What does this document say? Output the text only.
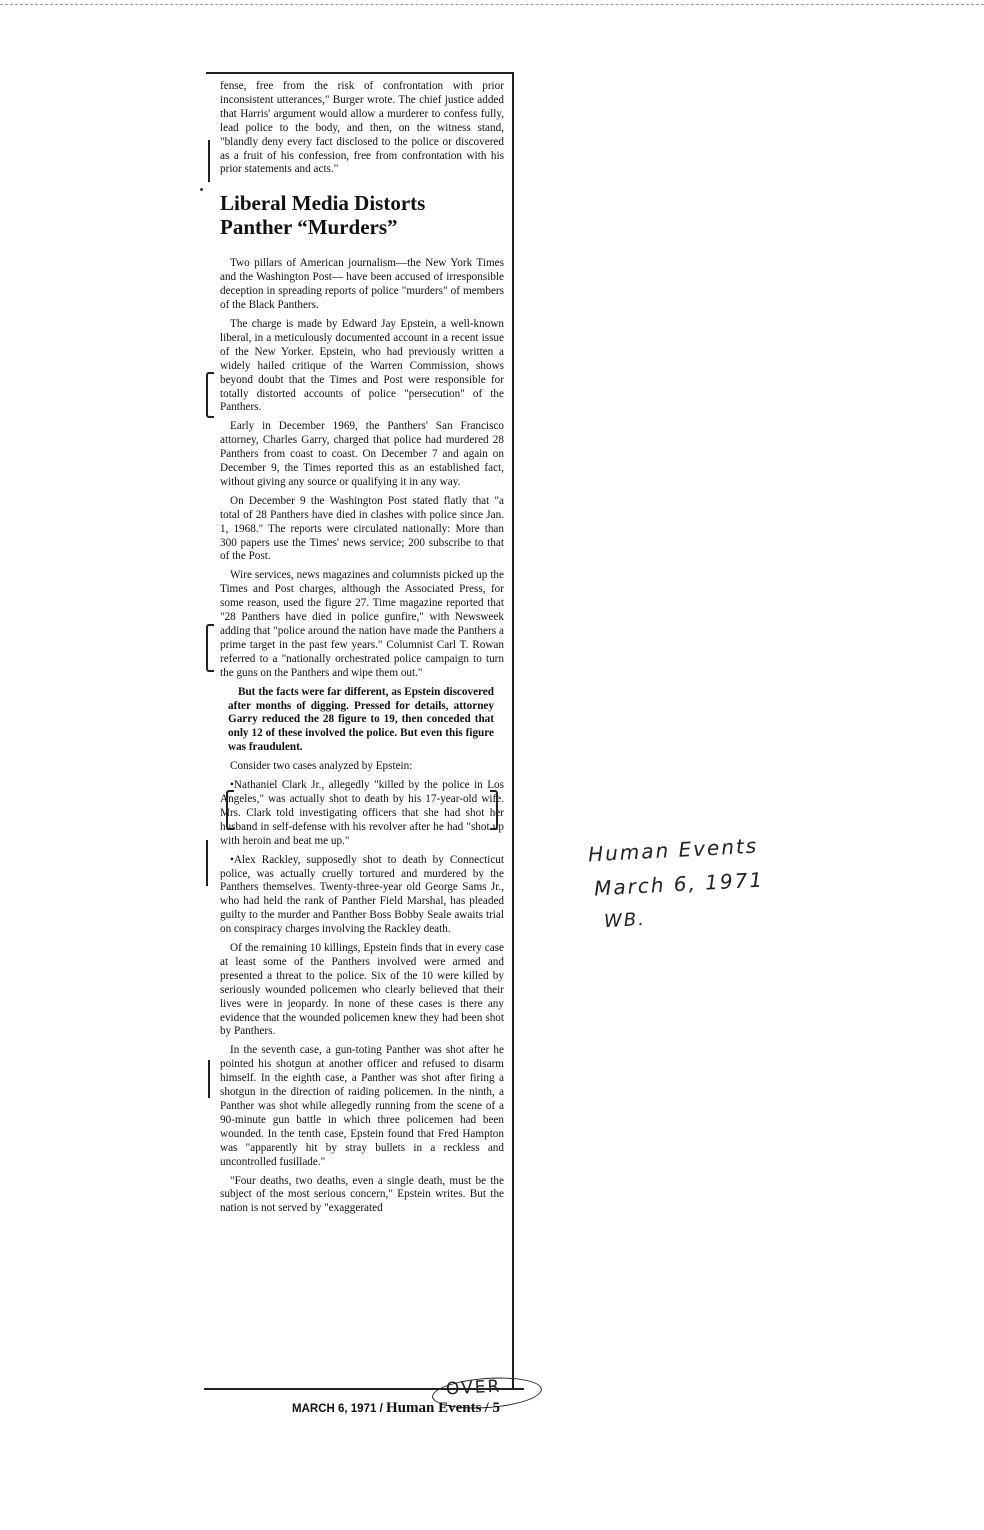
fense, free from the risk of confrontation with prior inconsistent utterances," Burger wrote. The chief justice added that Harris' argument would allow a murderer to confess fully, lead police to the body, and then, on the witness stand, "blandly deny every fact disclosed to the police or discovered as a fruit of his confession, free from confrontation with his prior statements and acts."

Liberal Media Distorts
Panther “Murders”

Two pillars of American journalism—the New York Times and the Washington Post— have been accused of irresponsible deception in spreading reports of police "murders" of members of the Black Panthers.

The charge is made by Edward Jay Epstein, a well-known liberal, in a meticulously documented account in a recent issue of the New Yorker. Epstein, who had previously written a widely hailed critique of the Warren Commission, shows beyond doubt that the Times and Post were responsible for totally distorted accounts of police "persecution" of the Panthers.

Early in December 1969, the Panthers' San Francisco attorney, Charles Garry, charged that police had murdered 28 Panthers from coast to coast. On December 7 and again on December 9, the Times reported this as an established fact, without giving any source or qualifying it in any way.

On December 9 the Washington Post stated flatly that "a total of 28 Panthers have died in clashes with police since Jan. 1, 1968." The reports were circulated nationally: More than 300 papers use the Times' news service; 200 subscribe to that of the Post.

Wire services, news magazines and columnists picked up the Times and Post charges, although the Associated Press, for some reason, used the figure 27. Time magazine reported that "28 Panthers have died in police gunfire," with Newsweek adding that "police around the nation have made the Panthers a prime target in the past few years." Columnist Carl T. Rowan referred to a "nationally orchestrated police campaign to turn the guns on the Panthers and wipe them out."

But the facts were far different, as Epstein discovered after months of digging. Pressed for details, attorney Garry reduced the 28 figure to 19, then conceded that only 12 of these involved the police. But even this figure was fraudulent.

Consider two cases analyzed by Epstein:

•Nathaniel Clark Jr., allegedly "killed by the police in Los Angeles," was actually shot to death by his 17-year-old wife. Mrs. Clark told investigating officers that she had shot her husband in self-defense with his revolver after he had "shot up with heroin and beat me up."

•Alex Rackley, supposedly shot to death by Connecticut police, was actually cruelly tortured and murdered by the Panthers themselves. Twenty-three-year old George Sams Jr., who had held the rank of Panther Field Marshal, has pleaded guilty to the murder and Panther Boss Bobby Seale awaits trial on conspiracy charges involving the Rackley death.

Of the remaining 10 killings, Epstein finds that in every case at least some of the Panthers involved were armed and presented a threat to the police. Six of the 10 were killed by seriously wounded policemen who clearly believed that their lives were in jeopardy. In none of these cases is there any evidence that the wounded policemen knew they had been shot by Panthers.

In the seventh case, a gun-toting Panther was shot after he pointed his shotgun at another officer and refused to disarm himself. In the eighth case, a Panther was shot after firing a shotgun in the direction of raiding policemen. In the ninth, a Panther was shot while allegedly running from the scene of a 90-minute gun battle in which three policemen had been wounded. In the tenth case, Epstein found that Fred Hampton was "apparently hit by stray bullets in a reckless and uncontrolled fusillade."

"Four deaths, two deaths, even a single death, must be the subject of the most serious concern," Epstein writes. But the nation is not served by "exaggerated

Human Events
March 6, 1971
WB.
OVER
MARCH 6, 1971 / Human Events / 5
